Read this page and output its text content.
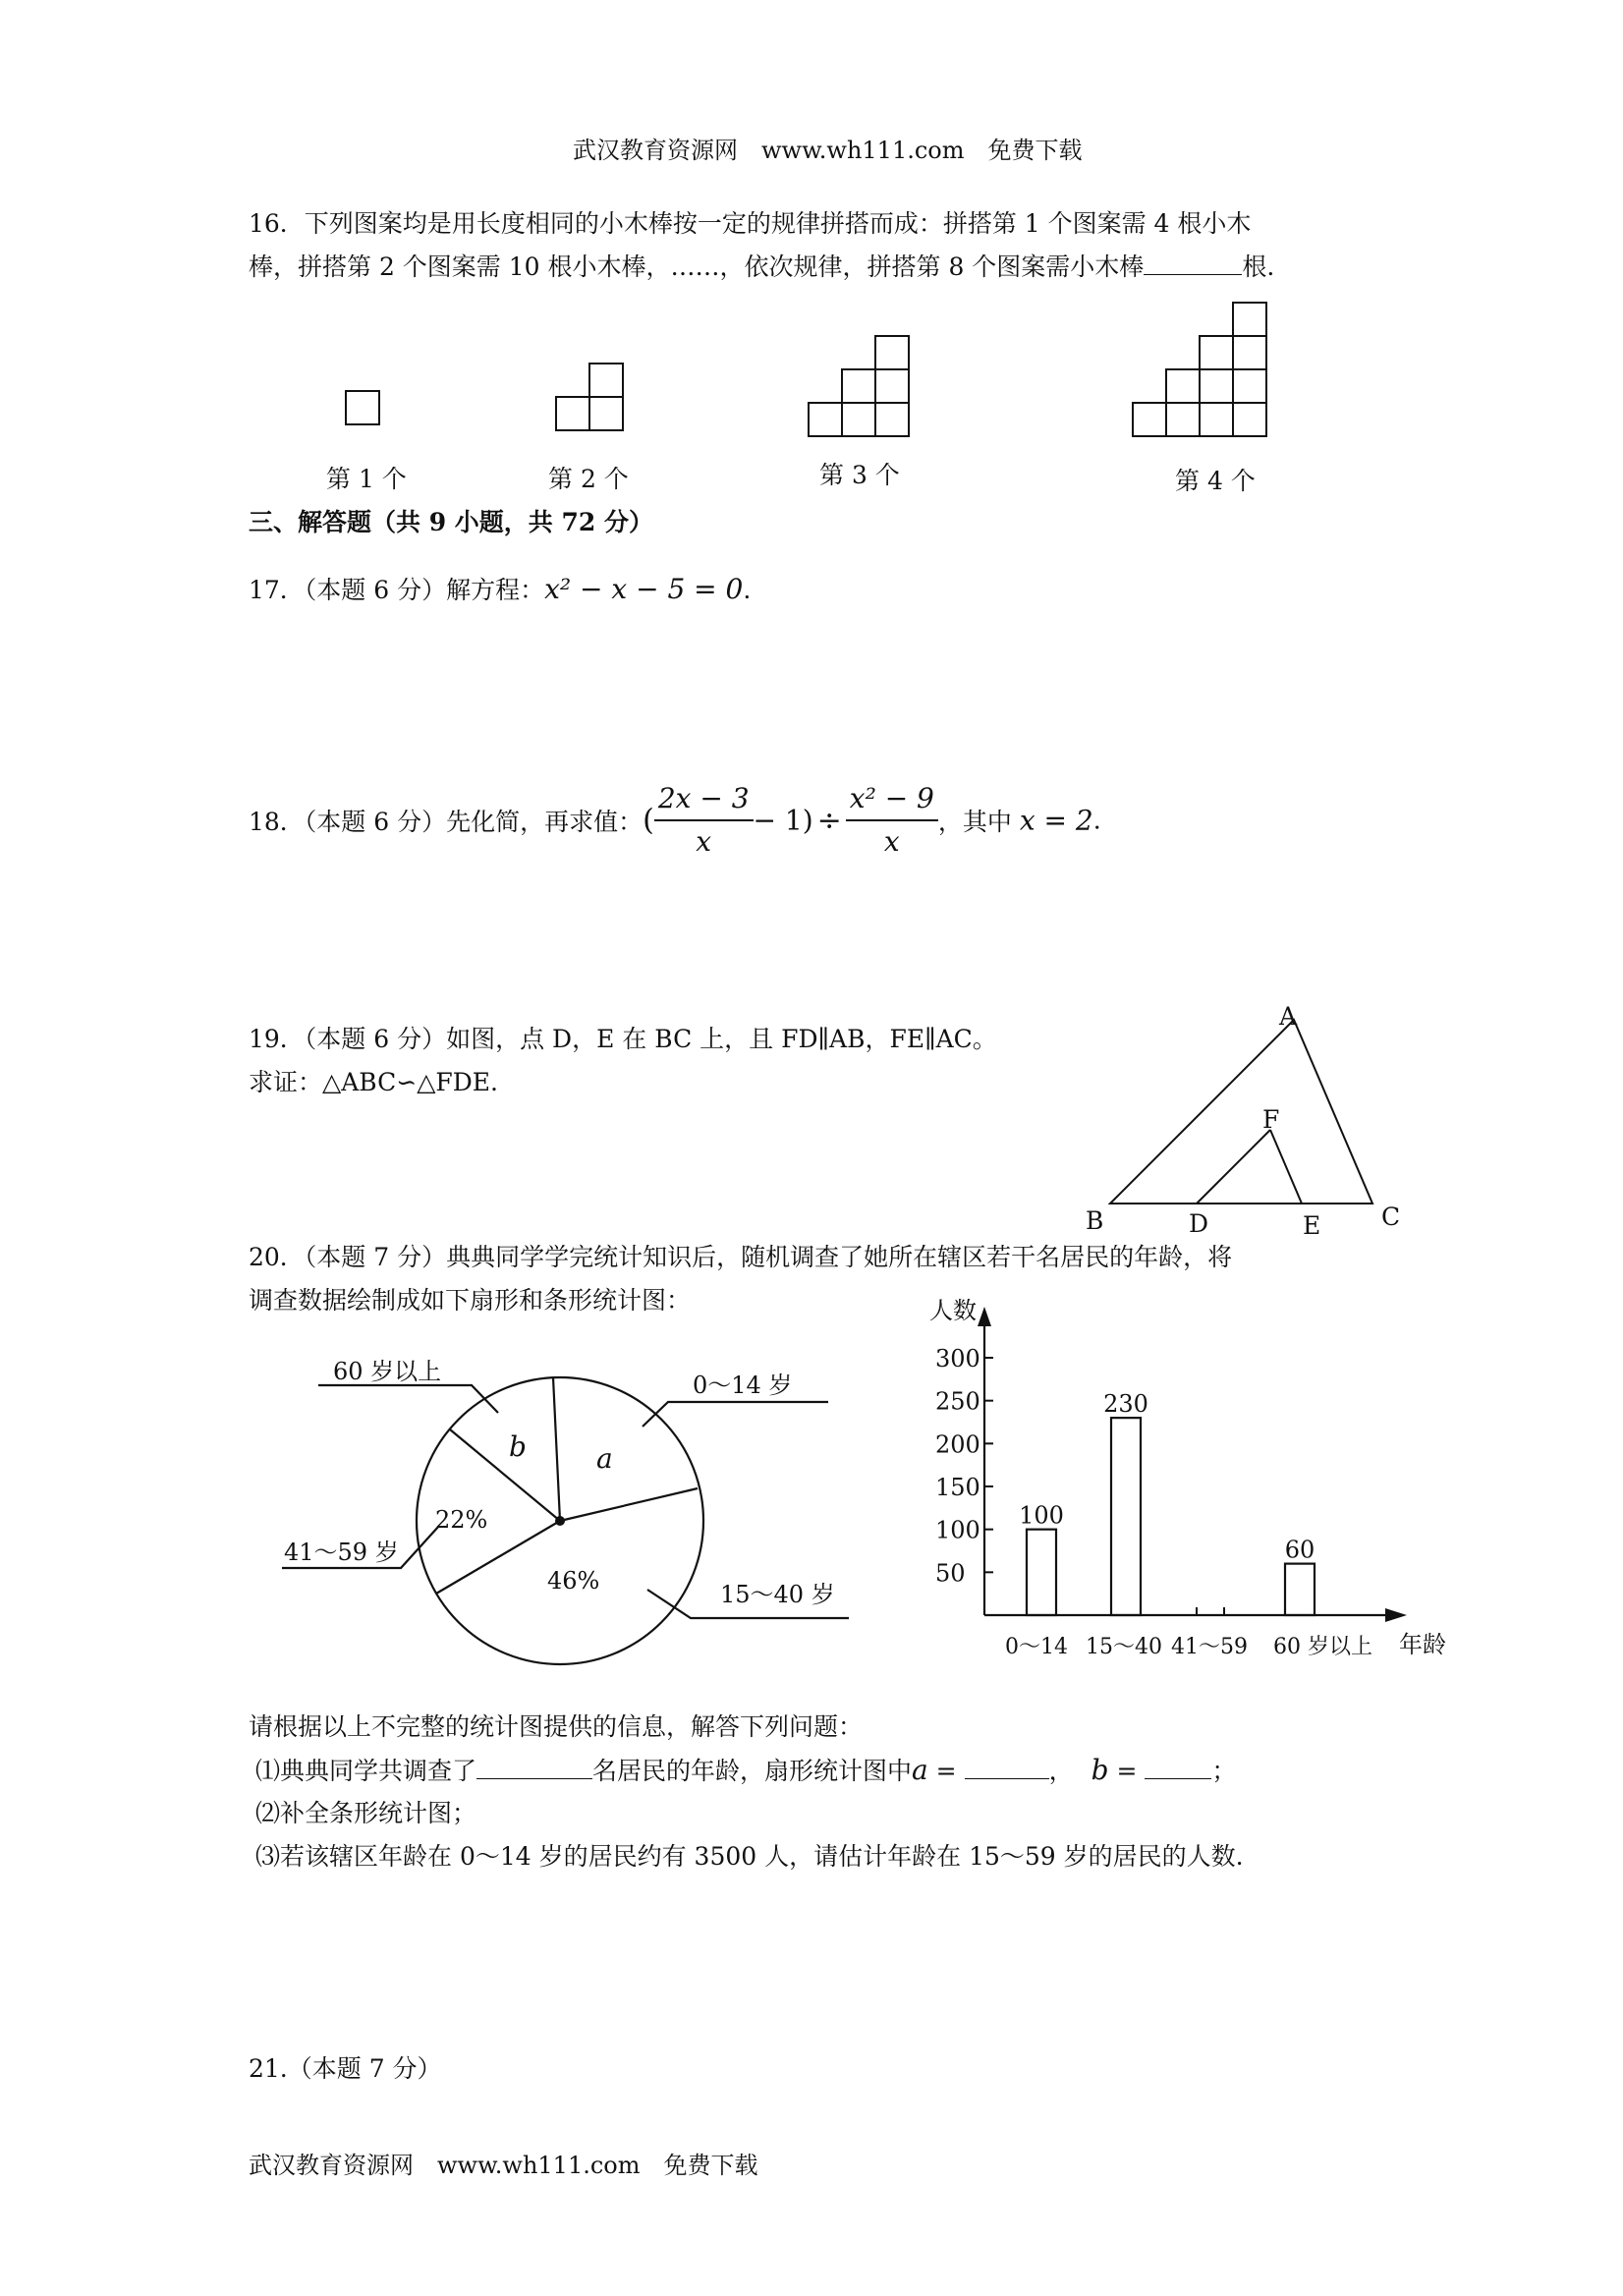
武汉教育资源网　www.wh111.com　免费下载
16．下列图案均是用长度相同的小木棒按一定的规律拼搭而成：拼搭第 1 个图案需 4 根小木
棒，拼搭第 2 个图案需 10 根小木棒，……，依次规律，拼搭第 8 个图案需小木棒	根.
第 1 个	第 2 个	第 3 个	第 4 个
三、解答题（共 9 小题，共 72 分）
17．（本题 6 分）解方程：x² − x − 5 = 0.
18．（本题 6 分）先化简，再求值：( $\frac{2x - 3}{x} - 1) \div \frac{\text{x² − 9}}{x}$ ，其中 x = 2.
19．（本题 6 分）如图，点 D，E 在 BC 上，且 FD∥AB，FE∥AC。
求证：△ABC∽△FDE.
A
B	C
D	E
F
20．（本题 7 分）典典同学学完统计知识后，随机调查了她所在辖区若干名居民的年龄，将
调查数据绘制成如下扇形和条形统计图：
60 岁以上	0～14 岁
41～59 岁
15～40 岁
b	a
22%
46%
人数
年龄
50
100
150
200
250
300
100
0～14
230
15～40 41～59
60
60 岁以上
请根据以上不完整的统计图提供的信息，解答下列问题：
⑴典典同学共调查了	名居民的年龄，扇形统计图中a =	， b =	；
⑵补全条形统计图；
⑶若该辖区年龄在 0～14 岁的居民约有 3500 人，请估计年龄在 15～59 岁的居民的人数.
21.（本题 7 分）
武汉教育资源网　www.wh111.com　免费下载
